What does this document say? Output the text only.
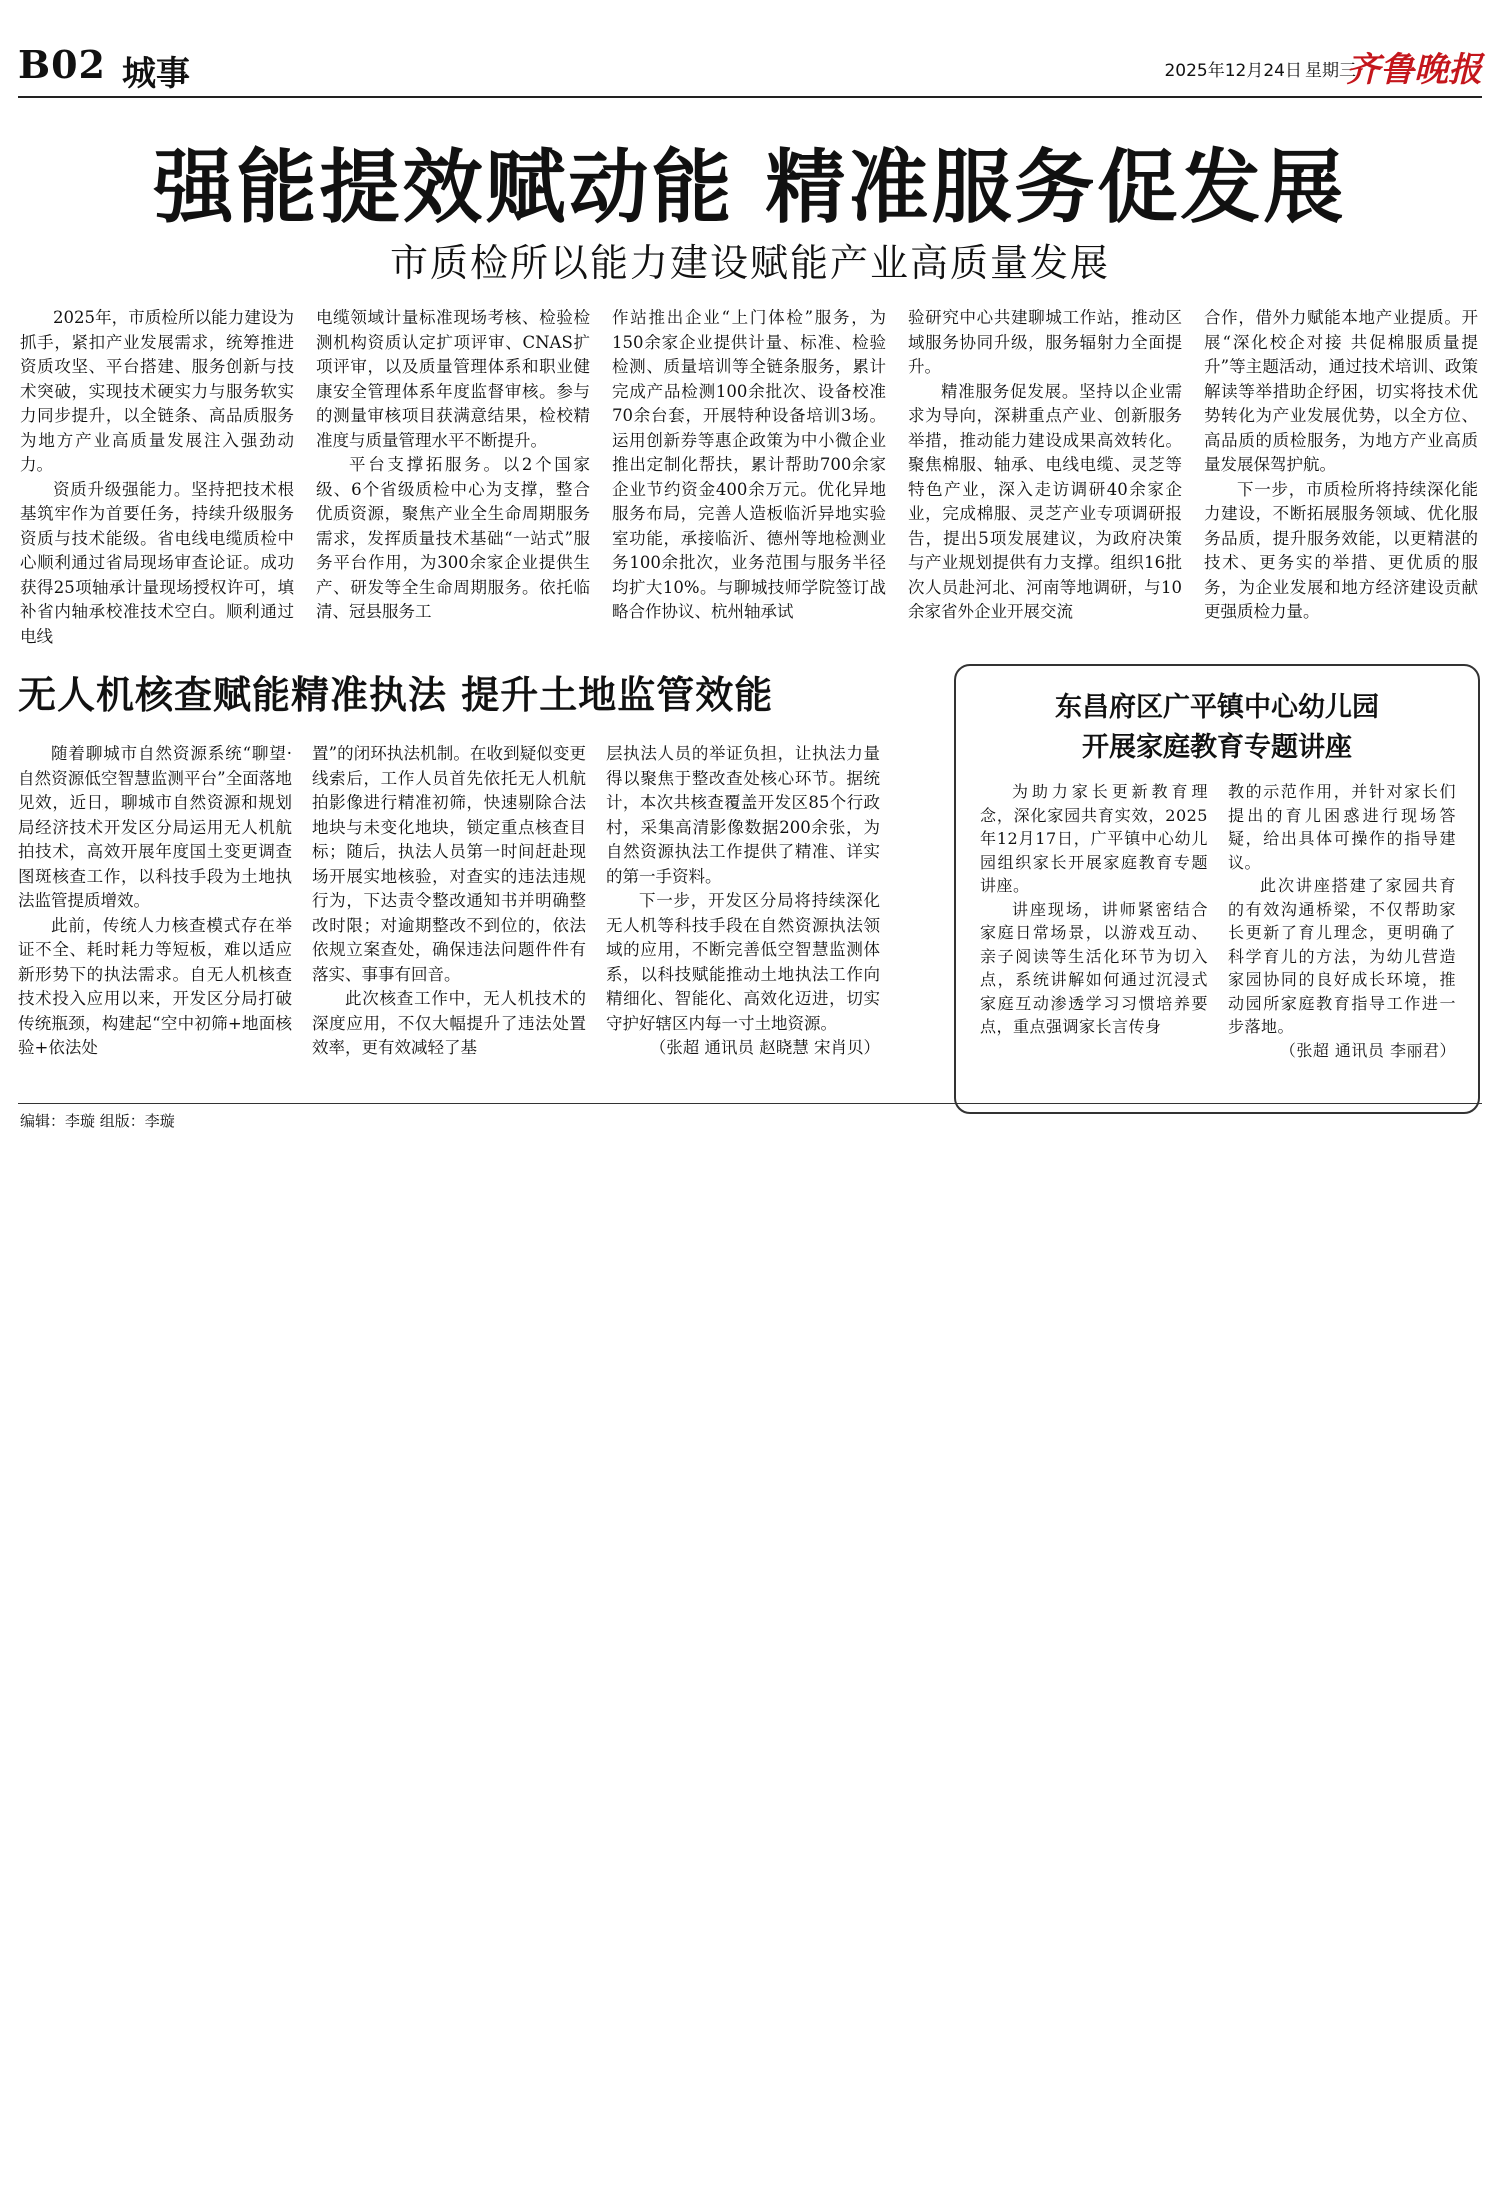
B02 城事	2025年12月24日 星期三
齐鲁晚报
强能提效赋动能 精准服务促发展
市质检所以能力建设赋能产业高质量发展

2025年，市质检所以能力建设为抓手，紧扣产业发展需求，统筹推进资质攻坚、平台搭建、服务创新与技术突破，实现技术硬实力与服务软实力同步提升，以全链条、高品质服务为地方产业高质量发展注入强劲动力。

资质升级强能力。坚持把技术根基筑牢作为首要任务，持续升级服务资质与技术能级。省电线电缆质检中心顺利通过省局现场审查论证。成功获得25项轴承计量现场授权许可，填补省内轴承校准技术空白。顺利通过电线

电缆领域计量标准现场考核、检验检测机构资质认定扩项评审、CNAS扩项评审，以及质量管理体系和职业健康安全管理体系年度监督审核。参与的测量审核项目获满意结果，检校精准度与质量管理水平不断提升。

平台支撑拓服务。以2个国家级、6个省级质检中心为支撑，整合优质资源，聚焦产业全生命周期服务需求，发挥质量技术基础“一站式”服务平台作用，为300余家企业提供生产、研发等全生命周期服务。依托临清、冠县服务工

作站推出企业“上门体检”服务，为150余家企业提供计量、标准、检验检测、质量培训等全链条服务，累计完成产品检测100余批次、设备校准70余台套，开展特种设备培训3场。运用创新券等惠企政策为中小微企业推出定制化帮扶，累计帮助700余家企业节约资金400余万元。优化异地服务布局，完善人造板临沂异地实验室功能，承接临沂、德州等地检测业务100余批次，业务范围与服务半径均扩大10%。与聊城技师学院签订战略合作协议、杭州轴承试

验研究中心共建聊城工作站，推动区域服务协同升级，服务辐射力全面提升。

精准服务促发展。坚持以企业需求为导向，深耕重点产业、创新服务举措，推动能力建设成果高效转化。聚焦棉服、轴承、电线电缆、灵芝等特色产业，深入走访调研40余家企业，完成棉服、灵芝产业专项调研报告，提出5项发展建议，为政府决策与产业规划提供有力支撑。组织16批次人员赴河北、河南等地调研，与10余家省外企业开展交流

合作，借外力赋能本地产业提质。开展“深化校企对接 共促棉服质量提升”等主题活动，通过技术培训、政策解读等举措助企纾困，切实将技术优势转化为产业发展优势，以全方位、高品质的质检服务，为地方产业高质量发展保驾护航。

下一步，市质检所将持续深化能力建设，不断拓展服务领域、优化服务品质，提升服务效能，以更精湛的技术、更务实的举措、更优质的服务，为企业发展和地方经济建设贡献更强质检力量。

无人机核查赋能精准执法 提升土地监管效能

随着聊城市自然资源系统“聊望·自然资源低空智慧监测平台”全面落地见效，近日，聊城市自然资源和规划局经济技术开发区分局运用无人机航拍技术，高效开展年度国土变更调查图斑核查工作，以科技手段为土地执法监管提质增效。

此前，传统人力核查模式存在举证不全、耗时耗力等短板，难以适应新形势下的执法需求。自无人机核查技术投入应用以来，开发区分局打破传统瓶颈，构建起“空中初筛+地面核验+依法处

置”的闭环执法机制。在收到疑似变更线索后，工作人员首先依托无人机航拍影像进行精准初筛，快速剔除合法地块与未变化地块，锁定重点核查目标；随后，执法人员第一时间赶赴现场开展实地核验，对查实的违法违规行为，下达责令整改通知书并明确整改时限；对逾期整改不到位的，依法依规立案查处，确保违法问题件件有落实、事事有回音。

此次核查工作中，无人机技术的深度应用，不仅大幅提升了违法处置效率，更有效减轻了基

层执法人员的举证负担，让执法力量得以聚焦于整改查处核心环节。据统计，本次共核查覆盖开发区85个行政村，采集高清影像数据200余张，为自然资源执法工作提供了精准、详实的第一手资料。

下一步，开发区分局将持续深化无人机等科技手段在自然资源执法领域的应用，不断完善低空智慧监测体系，以科技赋能推动土地执法工作向精细化、智能化、高效化迈进，切实守护好辖区内每一寸土地资源。

（张超 通讯员 赵晓慧 宋肖贝）

东昌府区广平镇中心幼儿园
开展家庭教育专题讲座

为助力家长更新教育理念，深化家园共育实效，2025年12月17日，广平镇中心幼儿园组织家长开展家庭教育专题讲座。

讲座现场，讲师紧密结合家庭日常场景，以游戏互动、亲子阅读等生活化环节为切入点，系统讲解如何通过沉浸式家庭互动渗透学习习惯培养要点，重点强调家长言传身

教的示范作用，并针对家长们提出的育儿困惑进行现场答疑，给出具体可操作的指导建议。

此次讲座搭建了家园共育的有效沟通桥梁，不仅帮助家长更新了育儿理念，更明确了科学育儿的方法，为幼儿营造家园协同的良好成长环境，推动园所家庭教育指导工作进一步落地。

（张超 通讯员 李丽君）

编辑：李璇 组版：李璇
